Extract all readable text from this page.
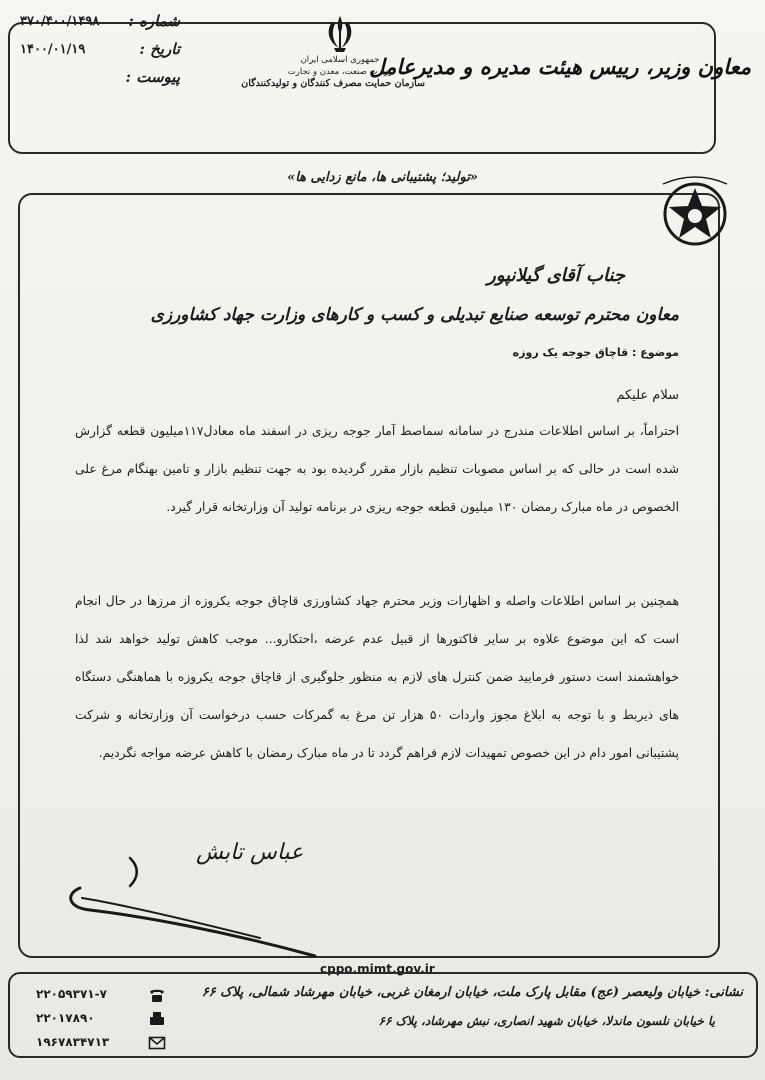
معاون وزیر، رییس هیئت مدیره و مدیرعامل
جمهوری اسلامی ایران
وزارت صنعت، معدن و تجارت
سازمان حمایت مصرف کنندگان و تولیدکنندگان
شماره :
۳۷۰/۴۰۰/۱۴۹۸
تاریخ :
۱۴۰۰/۰۱/۱۹
پیوست :
«تولید؛ پشتیبانی ها، مانع زدایی ها»
جناب آقای گیلانپور
معاون محترم توسعه صنایع تبدیلی و کسب و کارهای وزارت جهاد کشاورزی
موضوع : قاچاق جوجه یک روزه
سلام علیکم
احتراماً، بر اساس اطلاعات مندرج در سامانه سماصط آمار جوجه ریزی در اسفند ماه معادل۱۱۷میلیون قطعه گزارش شده است در حالی که بر اساس مصوبات تنظیم بازار مقرر گردیده بود به جهت تنظیم بازار و تامین بهنگام مرغ علی الخصوص در ماه مبارک رمضان ۱۳۰ میلیون قطعه جوجه ریزی در برنامه تولید آن وزارتخانه قرار گیرد.
همچنین بر اساس اطلاعات واصله و اظهارات وزیر محترم جهاد کشاورزی قاچاق جوجه یکروزه از مرزها در حال انجام است که این موضوع علاوه بر سایر فاکتورها از قبیل عدم عرضه ،احتکارو... موجب کاهش تولید خواهد شد لذا خواهشمند است دستور فرمایید ضمن کنترل های لازم به منظور جلوگیری از قاچاق جوجه یکروزه با هماهنگی دستگاه های ذیربط و با توجه به ابلاغ مجوز واردات ۵۰ هزار تن مرغ به گمرکات حسب درخواست آن وزارتخانه و شرکت پشتیبانی امور دام در این خصوص تمهیدات لازم فراهم گردد تا در ماه مبارک رمضان با کاهش عرضه مواجه نگردیم.
عباس تابش
cppo.mimt.gov.ir
نشانی: خیابان ولیعصر (عج) مقابل پارک ملت، خیابان ارمغان غربی، خیابان مهرشاد شمالی، پلاک ۶۶
یا خیابان نلسون ماندلا، خیابان شهید انصاری، نبش مهرشاد، پلاک ۶۶
۲۲۰۵۹۳۷۱-۷
۲۲۰۱۷۸۹۰
۱۹۶۷۸۳۴۷۱۳
